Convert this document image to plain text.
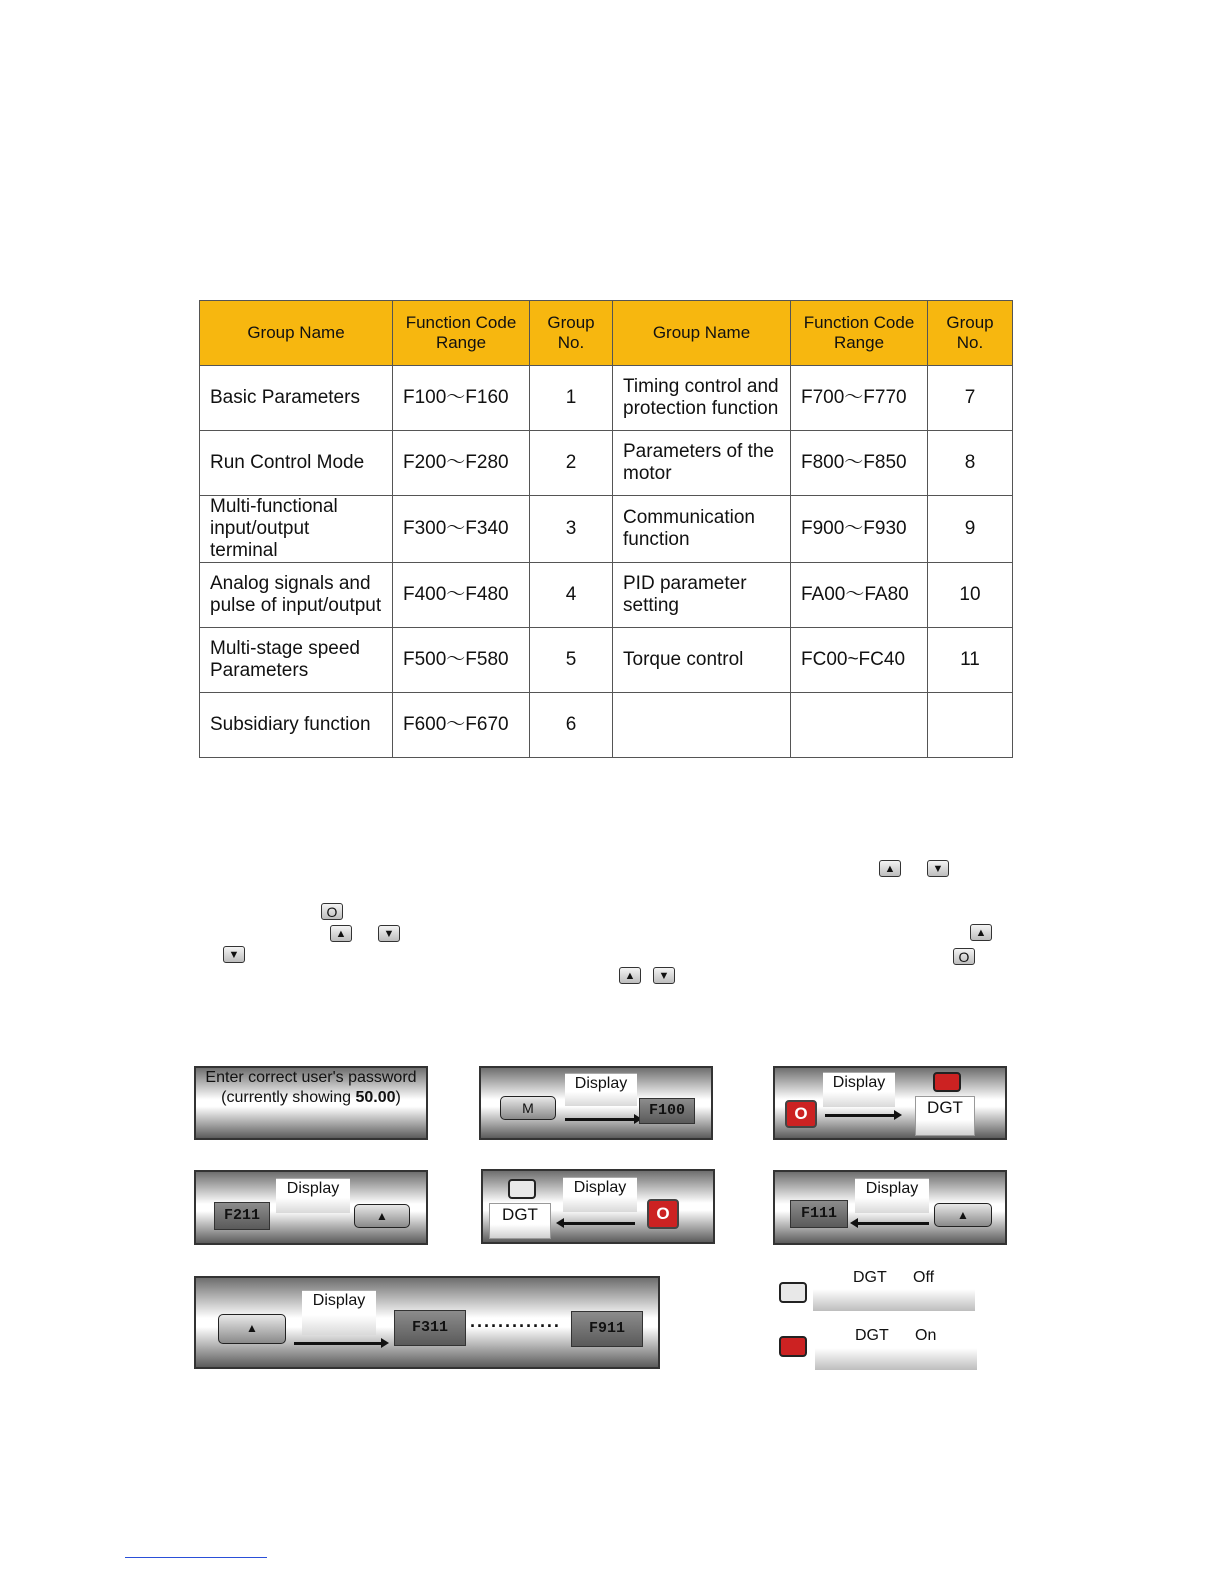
Group Name	Function Code Range	Group No.	Group Name	Function Code Range	Group No.
Basic Parameters	F100～F160	1	Timing control and protection function	F700～F770	7
Run Control Mode	F200～F280	2	Parameters of the motor	F800～F850	8
Multi-functional input/output terminal	F300～F340	3	Communication function	F900～F930	9
Analog signals and pulse of input/output	F400～F480	4	PID parameter setting	FA00～FA80	10
Multi-stage speed Parameters	F500～F580	5	Torque control	FC00~FC40	11
Subsidiary function	F600～F670	6			
▲	▼
O
▲	▼	▲
▼	O
▲	▼
Enter correct user's password
(currently showing 50.00)
M
Display
F100	O
Display
DGT
F211
Display
▲	DGT
Display
O	F111
Display
▲
▲
Display
F311	·············	F911
DGT Off
DGT On
